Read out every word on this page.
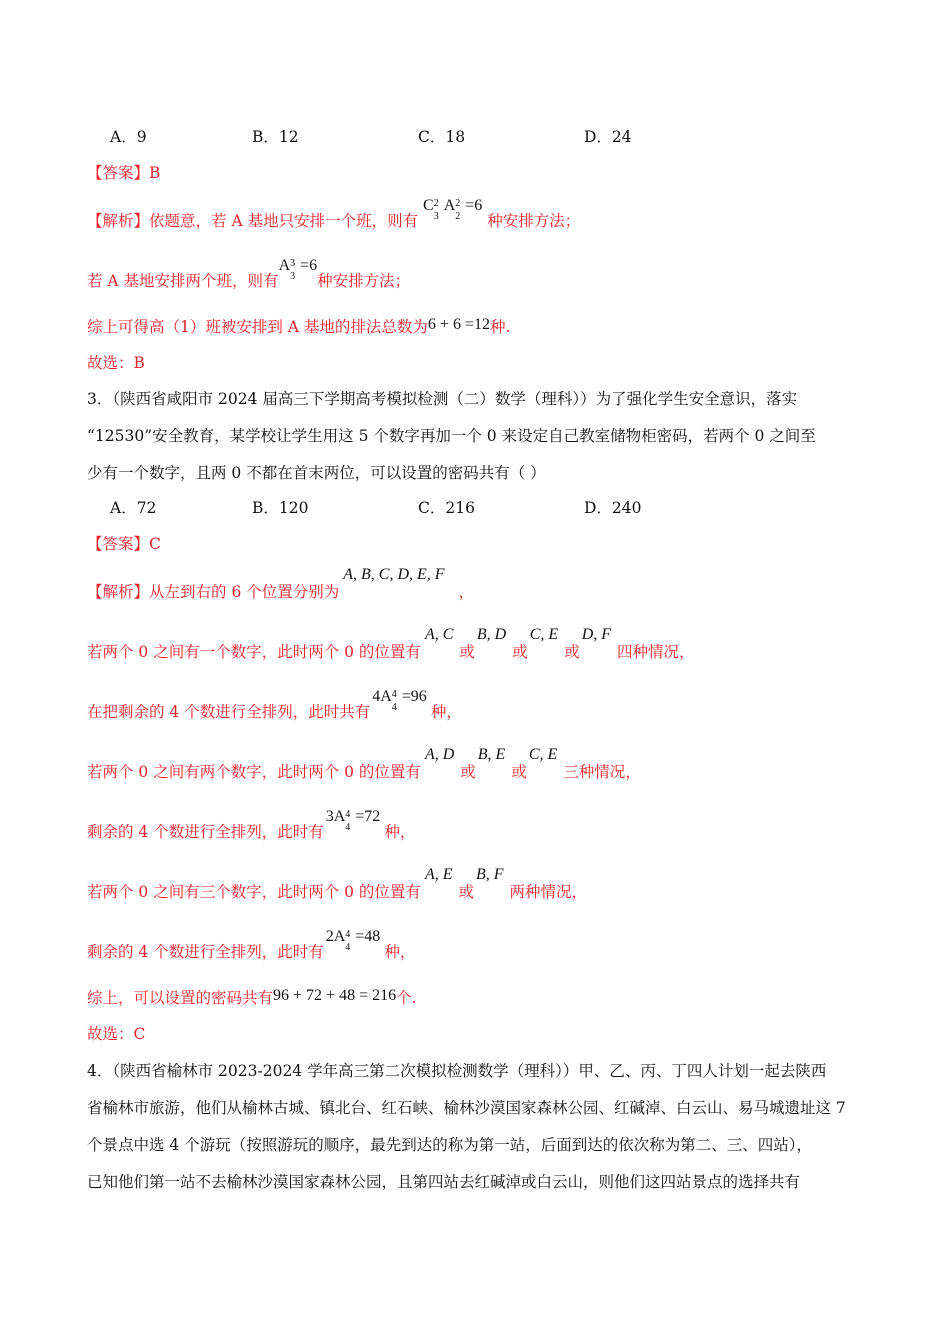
A．9	B．12	C．18	D．24
【答案】B
【解析】依题意，若 A 基地只安排一个班，则有 C 2
3
A 2
2
=6 种安排方法；
若 A 基地安排两个班，则有A 3
3
=6种安排方法；
综上可得高（1）班被安排到 A 基地的排法总数为6 + 6 =12种.
故选：B
3．（陕西省咸阳市 2024 届高三下学期高考模拟检测（二）数学（理科））为了强化学生安全意识，落实
“12530”安全教育，某学校让学生用这 5 个数字再加一个 0 来设定自己教室储物柜密码，若两个 0 之间至
少有一个数字，且两 0 不都在首末两位，可以设置的密码共有（ ）
A．72	B．120	C．216	D．240
【答案】C
【解析】从左到右的 6 个位置分别为A, B, C, D, E, F，
若两个 0 之间有一个数字，此时两个 0 的位置有A, C或B, D或C, E或D, F四种情况，
在把剩余的 4 个数进行全排列，此时共有4A 4
4
=96种，
若两个 0 之间有两个数字，此时两个 0 的位置有A, D或B, E或C, E三种情况，
剩余的 4 个数进行全排列，此时有3A 4
4
=72种，
若两个 0 之间有三个数字，此时两个 0 的位置有A, E或B, F两种情况，
剩余的 4 个数进行全排列，此时有2A 4
4
=48种，
综上，可以设置的密码共有96 + 72 + 48 = 216个.
故选：C
4．（陕西省榆林市 2023-2024 学年高三第二次模拟检测数学（理科））甲、乙、丙、丁四人计划一起去陕西
省榆林市旅游，他们从榆林古城、镇北台、红石峡、榆林沙漠国家森林公园、红碱淖、白云山、易马城遗址这 7
个景点中选 4 个游玩（按照游玩的顺序，最先到达的称为第一站，后面到达的依次称为第二、三、四站），
已知他们第一站不去榆林沙漠国家森林公园，且第四站去红碱淖或白云山，则他们这四站景点的选择共有
